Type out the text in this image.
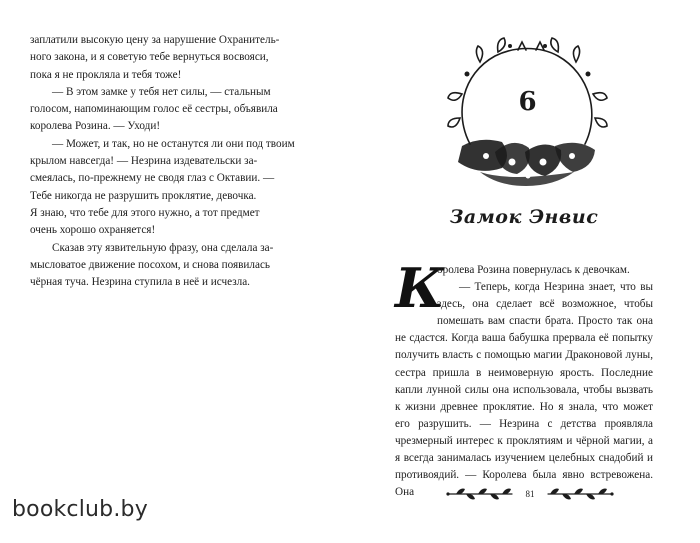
заплатили высокую цену за нарушение Охранитель-

ного закона, и я советую тебе вернуться восвояси,

пока я не прокляла и тебя тоже!

— В этом замке у тебя нет силы, — стальным

голосом, напоминающим голос её сестры, объявила

королева Розина. — Уходи!

— Может, и так, но не останутся ли они под твоим

крылом навсегда! — Незрина издевательски за-

смеялась, по-прежнему не сводя глаз с Октавии. —

Тебе никогда не разрушить проклятие, девочка.

Я знаю, что тебе для этого нужно, а тот предмет

очень хорошо охраняется!

Сказав эту язвительную фразу, она сделала за-

мысловатое движение посохом, и снова появилась

чёрная туча. Незрина ступила в неё и исчезла.

6
Замок Энвис
К

оролева Розина повернулась к девочкам.

— Теперь, когда Незрина знает, что вы здесь, она сделает всё возможное, чтобы помешать вам спасти брата. Просто так она не сдастся. Когда ваша бабушка прервала её попытку получить власть с помощью магии Драконовой луны, сестра пришла в неимоверную ярость. Последние капли лунной силы она использовала, чтобы вызвать к жизни древнее проклятие. Но я знала, что может его разрушить. — Незрина с детства проявляла чрезмерный интерес к проклятиям и чёрной магии, а я всегда занималась изучением целебных снадобий и противоядий. — Королева была явно встревожена. Она	81
bookclub.by
